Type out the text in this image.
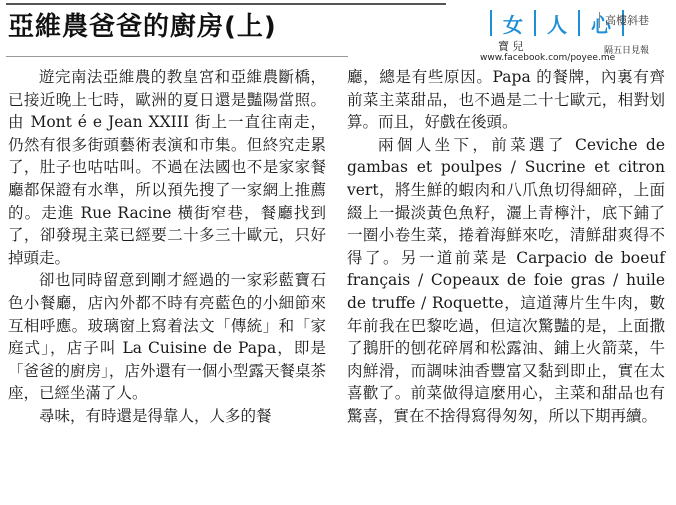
亞維農爸爸的廚房(上)	女 人 心
高樓斜巷
寶 兒	隔五日見報
www.facebook.com/poyee.me

遊完南法亞維農的教皇宮和亞維農斷橋，已接近晚上七時，歐洲的夏日還是豔陽當照。由 Mont é e Jean XXIII 街上一直往南走，仍然有很多街頭藝術表演和市集。但終究走累了，肚子也咕咕叫。不過在法國也不是家家餐廳都保證有水準，所以預先搜了一家網上推薦的。走進 Rue Racine 橫街窄巷，餐廳找到了，卻發現主菜已經要二十多三十歐元，只好掉頭走。

卻也同時留意到剛才經過的一家彩藍寶石色小餐廳，店內外都不時有亮藍色的小細節來互相呼應。玻璃窗上寫着法文「傳統」和「家庭式」，店子叫 La Cuisine de Papa，即是「爸爸的廚房」，店外還有一個小型露天餐桌茶座，已經坐滿了人。

尋味，有時還是得靠人，人多的餐

廳，總是有些原因。Papa 的餐牌，內裏有齊前菜主菜甜品，也不過是二十七歐元，相對划算。而且，好戲在後頭。

兩個人坐下，前菜選了 Ceviche de gambas et poulpes / Sucrine et citron vert，將生鮮的蝦肉和八爪魚切得細碎，上面綴上一撮淡黃色魚籽，灑上青檸汁，底下鋪了一圈小卷生菜，捲着海鮮來吃，清鮮甜爽得不得了。另一道前菜是 Carpacio de boeuf français / Copeaux de foie gras / huile de truffe / Roquette，這道薄片生牛肉，數年前我在巴黎吃過，但這次驚豔的是，上面撒了鵝肝的刨花碎屑和松露油、鋪上火箭菜，牛肉鮮滑，而調味油香豐富又黏到即止，實在太喜歡了。前菜做得這麼用心，主菜和甜品也有驚喜，實在不捨得寫得匆匆，所以下期再續。
